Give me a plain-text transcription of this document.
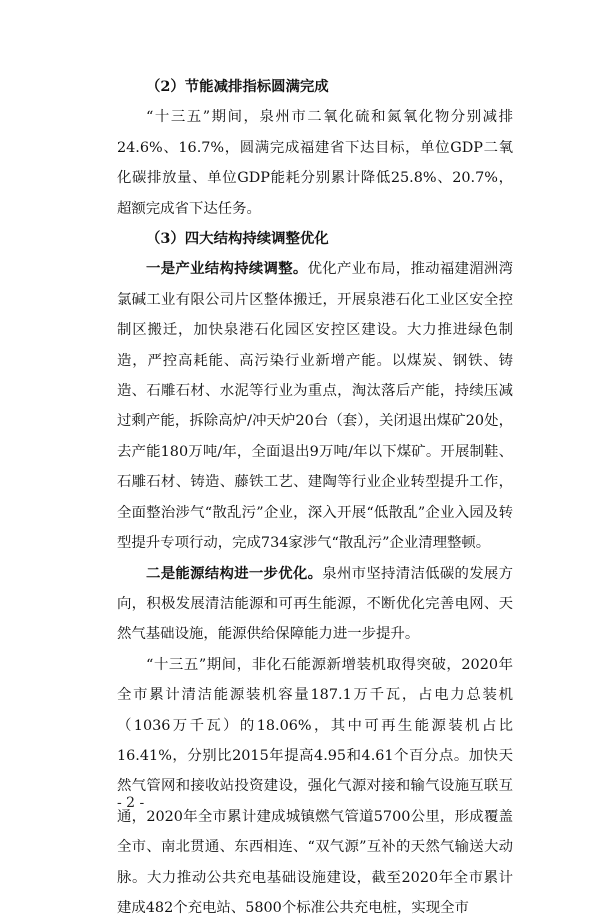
（2）节能减排指标圆满完成

“十三五”期间，泉州市二氧化硫和氮氧化物分别减排24.6%、16.7%，圆满完成福建省下达目标，单位GDP二氧化碳排放量、单位GDP能耗分别累计降低25.8%、20.7%，超额完成省下达任务。

（3）四大结构持续调整优化

一是产业结构持续调整。优化产业布局，推动福建湄洲湾氯碱工业有限公司片区整体搬迁，开展泉港石化工业区安全控制区搬迁，加快泉港石化园区安控区建设。大力推进绿色制造，严控高耗能、高污染行业新增产能。以煤炭、钢铁、铸造、石雕石材、水泥等行业为重点，淘汰落后产能，持续压减过剩产能，拆除高炉/冲天炉20台（套），关闭退出煤矿20处，去产能180万吨/年，全面退出9万吨/年以下煤矿。开展制鞋、石雕石材、铸造、藤铁工艺、建陶等行业企业转型提升工作，全面整治涉气“散乱污”企业，深入开展“低散乱”企业入园及转型提升专项行动，完成734家涉气“散乱污”企业清理整顿。

二是能源结构进一步优化。泉州市坚持清洁低碳的发展方向，积极发展清洁能源和可再生能源，不断优化完善电网、天然气基础设施，能源供给保障能力进一步提升。

“十三五”期间，非化石能源新增装机取得突破，2020年全市累计清洁能源装机容量187.1万千瓦，占电力总装机（1036万千瓦）的18.06%，其中可再生能源装机占比16.41%，分别比2015年提高4.95和4.61个百分点。加快天然气管网和接收站投资建设，强化气源对接和输气设施互联互通，2020年全市累计建成城镇燃气管道5700公里，形成覆盖全市、南北贯通、东西相连、“双气源”互补的天然气输送大动脉。大力推动公共充电基础设施建设，截至2020年全市累计建成482个充电站、5800个标准公共充电桩，实现全市

- 2 -
